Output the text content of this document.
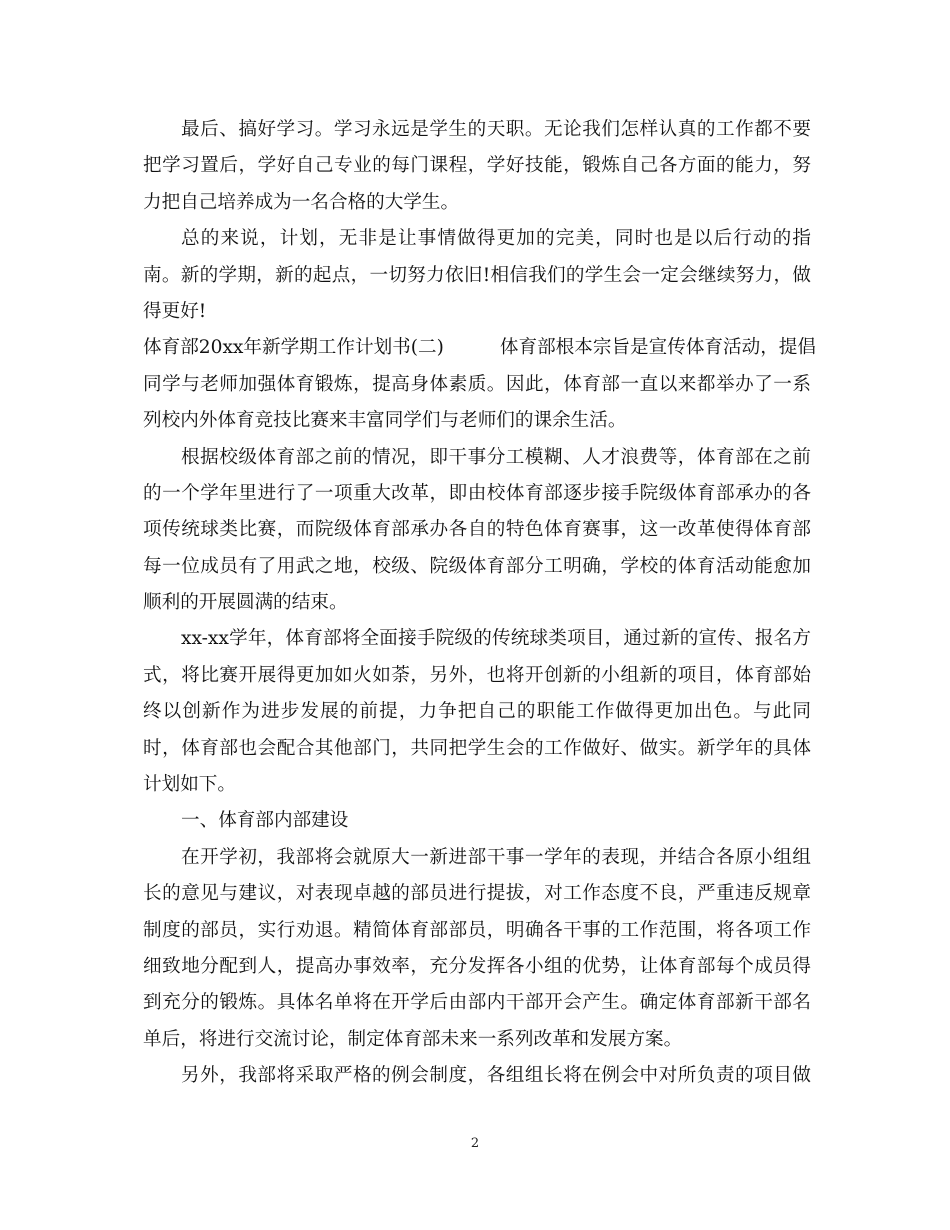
最后、搞好学习。学习永远是学生的天职。无论我们怎样认真的工作都不要
把学习置后，学好自己专业的每门课程，学好技能，锻炼自己各方面的能力，努
力把自己培养成为一名合格的大学生。
总的来说，计划，无非是让事情做得更加的完美，同时也是以后行动的指
南。新的学期，新的起点，一切努力依旧!相信我们的学生会一定会继续努力，做
得更好!
体育部20xx年新学期工作计划书(二)	体育部根本宗旨是宣传体育活动，提倡
同学与老师加强体育锻炼，提高身体素质。因此，体育部一直以来都举办了一系
列校内外体育竞技比赛来丰富同学们与老师们的课余生活。
根据校级体育部之前的情况，即干事分工模糊、人才浪费等，体育部在之前
的一个学年里进行了一项重大改革，即由校体育部逐步接手院级体育部承办的各
项传统球类比赛，而院级体育部承办各自的特色体育赛事，这一改革使得体育部
每一位成员有了用武之地，校级、院级体育部分工明确，学校的体育活动能愈加
顺利的开展圆满的结束。
xx-xx学年，体育部将全面接手院级的传统球类项目，通过新的宣传、报名方
式，将比赛开展得更加如火如荼，另外，也将开创新的小组新的项目，体育部始
终以创新作为进步发展的前提，力争把自己的职能工作做得更加出色。与此同
时，体育部也会配合其他部门，共同把学生会的工作做好、做实。新学年的具体
计划如下。
一、体育部内部建设
在开学初，我部将会就原大一新进部干事一学年的表现，并结合各原小组组
长的意见与建议，对表现卓越的部员进行提拔，对工作态度不良，严重违反规章
制度的部员，实行劝退。精简体育部部员，明确各干事的工作范围，将各项工作
细致地分配到人，提高办事效率，充分发挥各小组的优势，让体育部每个成员得
到充分的锻炼。具体名单将在开学后由部内干部开会产生。确定体育部新干部名
单后，将进行交流讨论，制定体育部未来一系列改革和发展方案。
另外，我部将采取严格的例会制度，各组组长将在例会中对所负责的项目做
2
